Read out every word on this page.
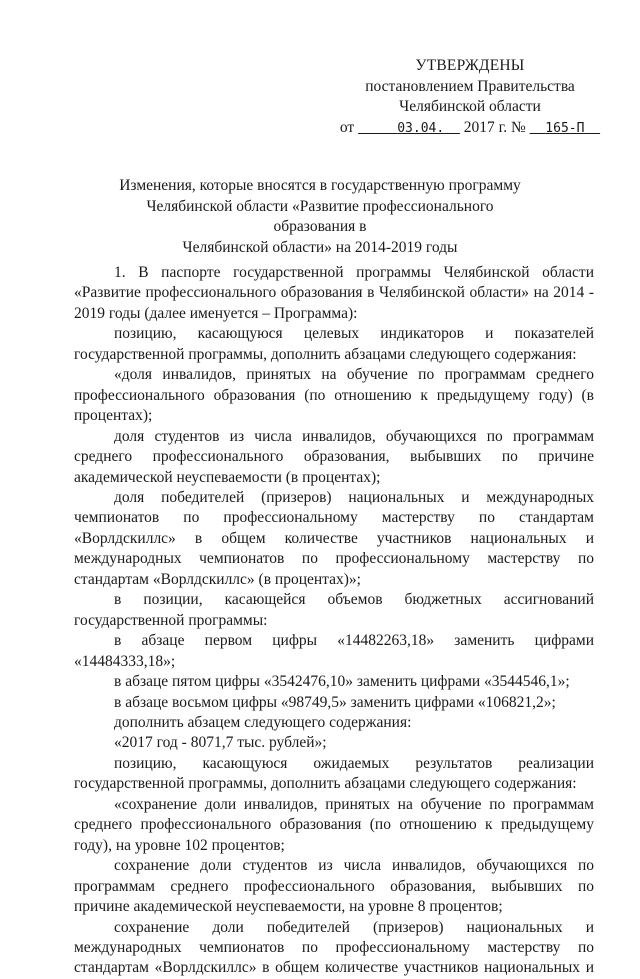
УТВЕРЖДЕНЫ
постановлением Правительства
Челябинской области
от	03.04. 2017 г. № 165-П
Изменения, которые вносятся в государственную программу
Челябинской области «Развитие профессионального образования в
Челябинской области» на 2014-2019 годы

1. В паспорте государственной программы Челябинской области «Развитие профессионального образования в Челябинской области» на 2014 - 2019 годы (далее именуется – Программа):

позицию, касающуюся целевых индикаторов и показателей государственной программы, дополнить абзацами следующего содержания:

«доля инвалидов, принятых на обучение по программам среднего профессионального образования (по отношению к предыдущему году) (в процентах);

доля студентов из числа инвалидов, обучающихся по программам среднего профессионального образования, выбывших по причине академической неуспеваемости (в процентах);

доля победителей (призеров) национальных и международных чемпионатов по профессиональному мастерству по стандартам «Ворлдскиллс» в общем количестве участников национальных и международных чемпионатов по профессиональному мастерству по стандартам «Ворлдскиллс» (в процентах)»;

в позиции, касающейся объемов бюджетных ассигнований государственной программы:

в абзаце первом цифры «14482263,18» заменить цифрами «14484333,18»;

в абзаце пятом цифры «3542476,10» заменить цифрами «3544546,1»;

в абзаце восьмом цифры «98749,5» заменить цифрами «106821,2»;

дополнить абзацем следующего содержания:

«2017 год - 8071,7 тыс. рублей»;

позицию, касающуюся ожидаемых результатов реализации государственной программы, дополнить абзацами следующего содержания:

«сохранение доли инвалидов, принятых на обучение по программам среднего профессионального образования (по отношению к предыдущему году), на уровне 102 процентов;

сохранение доли студентов из числа инвалидов, обучающихся по программам среднего профессионального образования, выбывших по причине академической неуспеваемости, на уровне 8 процентов;

сохранение доли победителей (призеров) национальных и международных чемпионатов по профессиональному мастерству по стандартам «Ворлдскиллс» в общем количестве участников национальных и
